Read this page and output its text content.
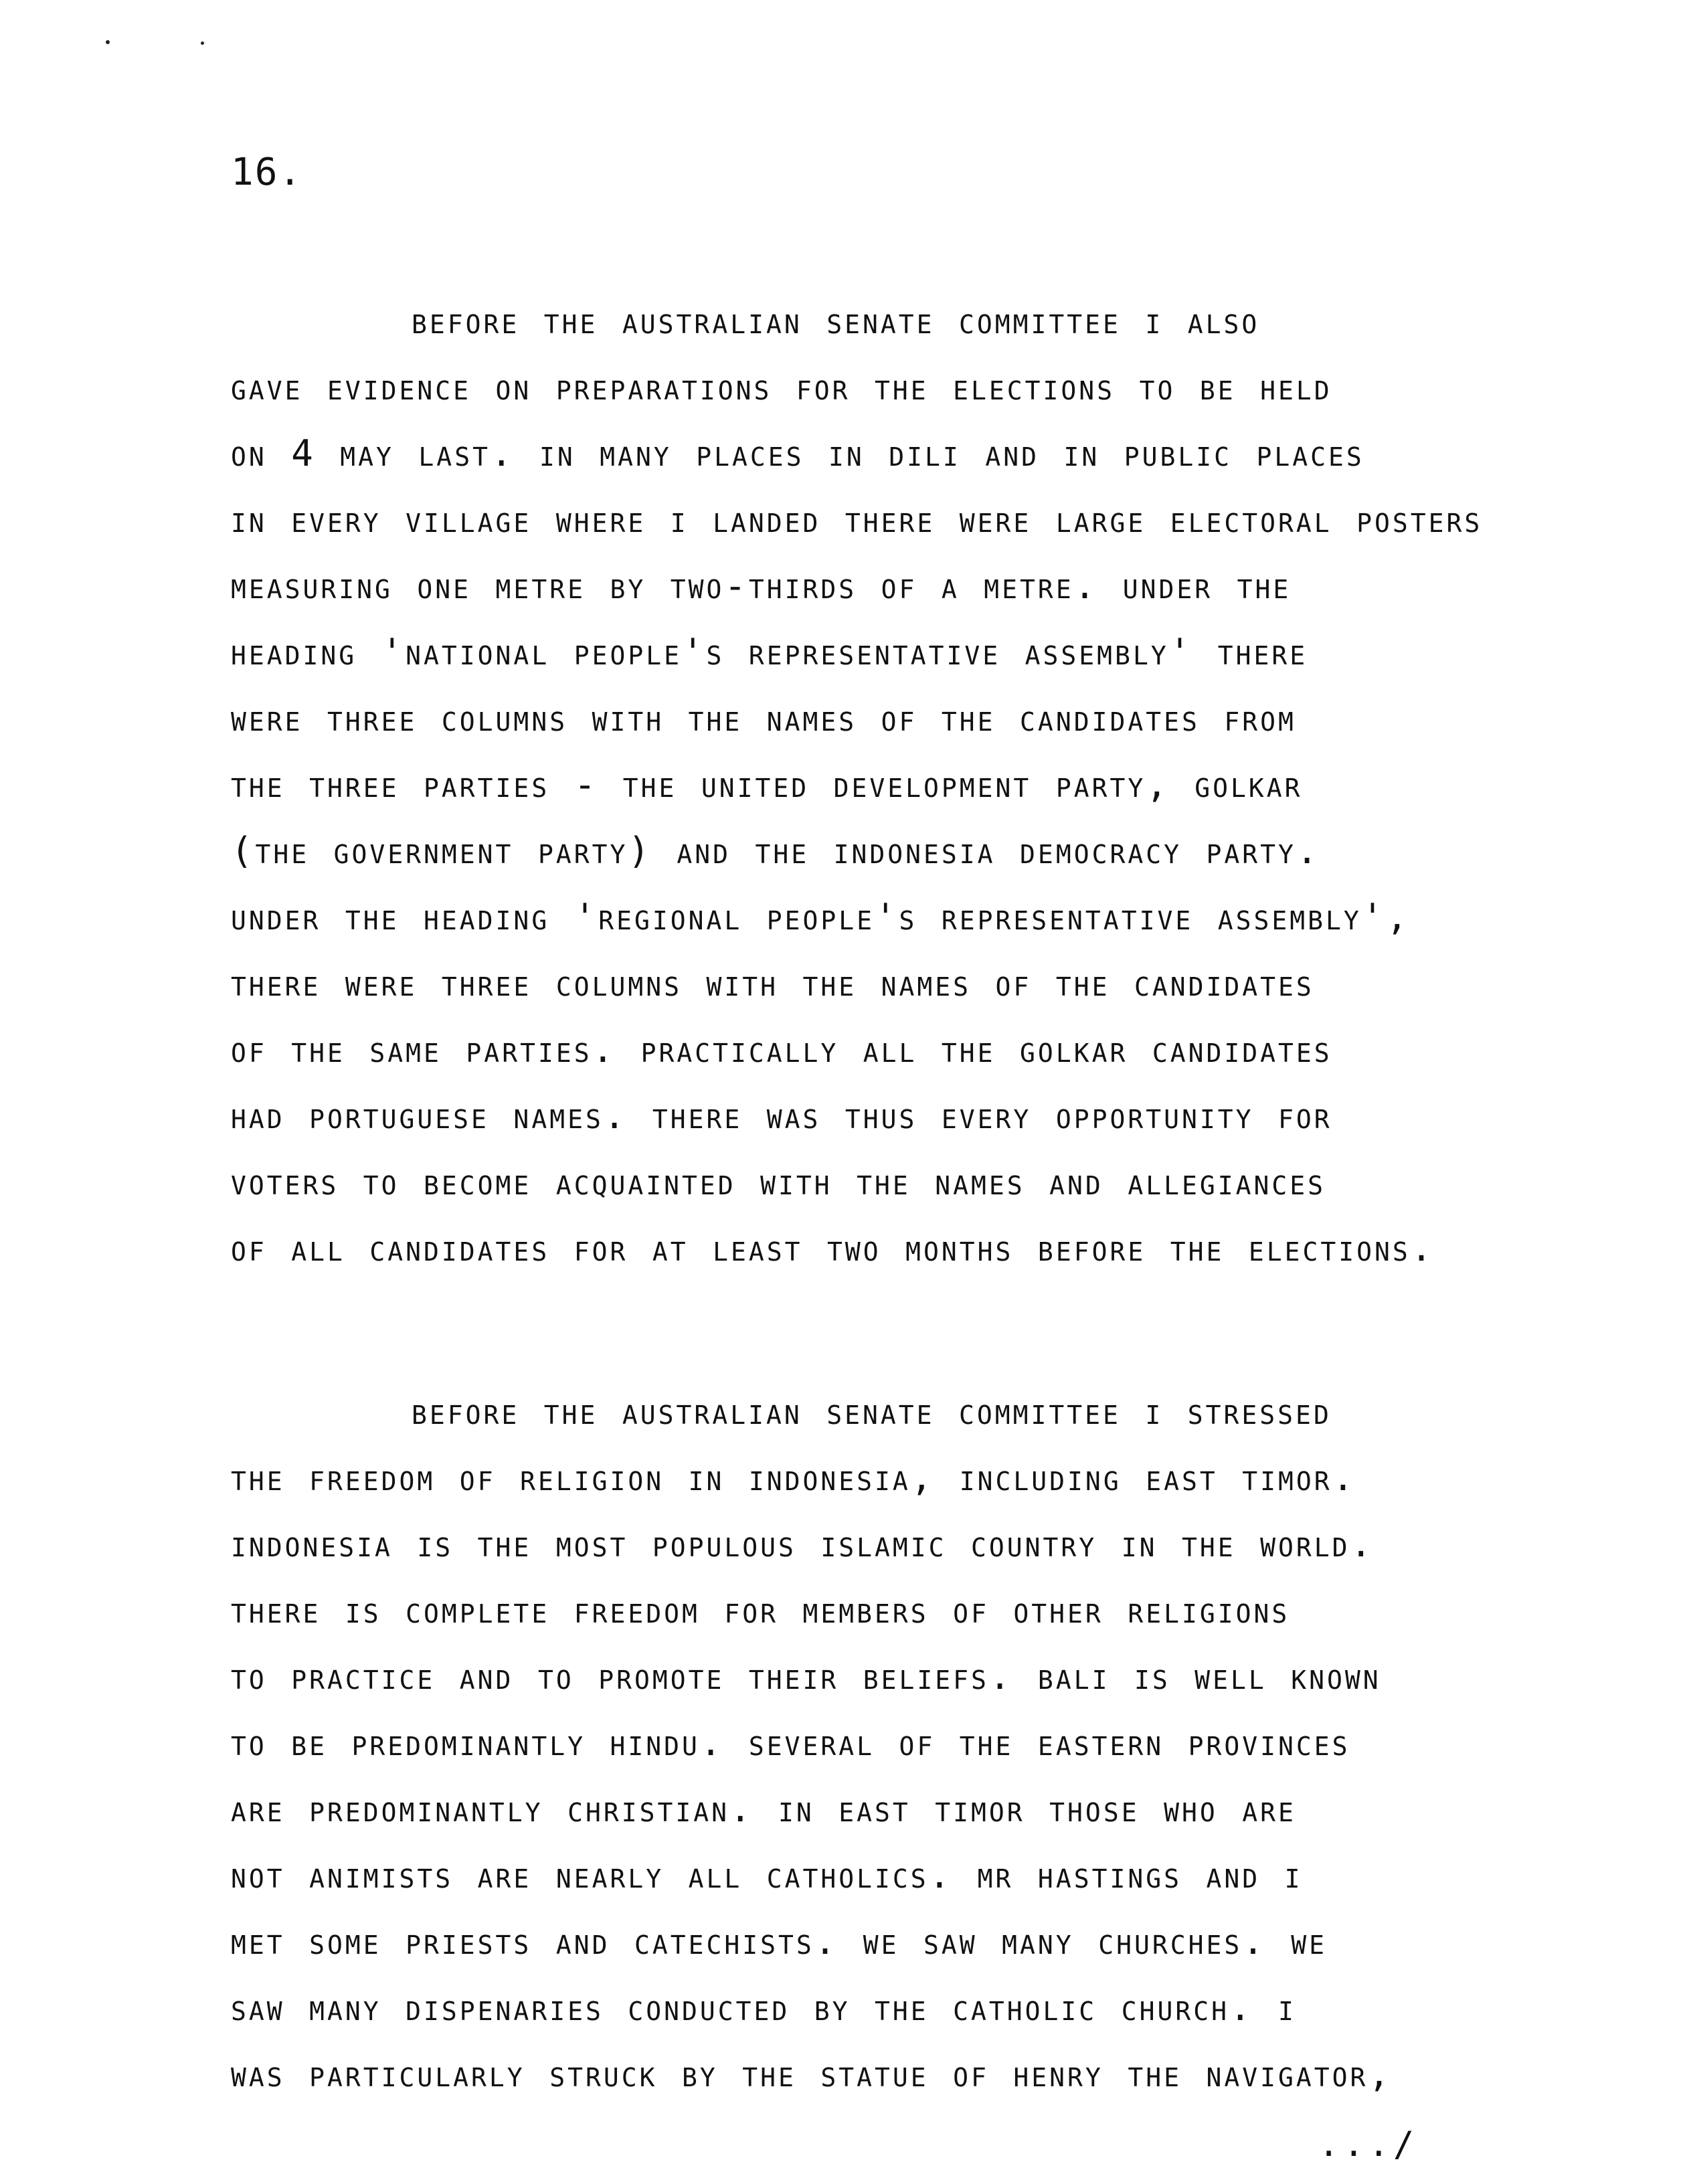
16.
before the australian senate committee i also
gave evidence on preparations for the elections to be held
on 4 may last. in many places in dili and in public places
in every village where i landed there were large electoral posters
measuring one metre by two-thirds of a metre. under the
heading 'national people's representative assembly' there
were three columns with the names of the candidates from
the three parties - the united development party, golkar
(the government party) and the indonesia democracy party.
under the heading 'regional people's representative assembly',
there were three columns with the names of the candidates
of the same parties. practically all the golkar candidates
had portuguese names. there was thus every opportunity for
voters to become acquainted with the names and allegiances
of all candidates for at least two months before the elections.
before the australian senate committee i stressed
the freedom of religion in indonesia, including east timor.
indonesia is the most populous islamic country in the world.
there is complete freedom for members of other religions
to practice and to promote their beliefs. bali is well known
to be predominantly hindu. several of the eastern provinces
are predominantly christian. in east timor those who are
not animists are nearly all catholics. mr hastings and i
met some priests and catechists. we saw many churches. we
saw many dispenaries conducted by the catholic church. i
was particularly struck by the statue of henry the navigator,
.../
